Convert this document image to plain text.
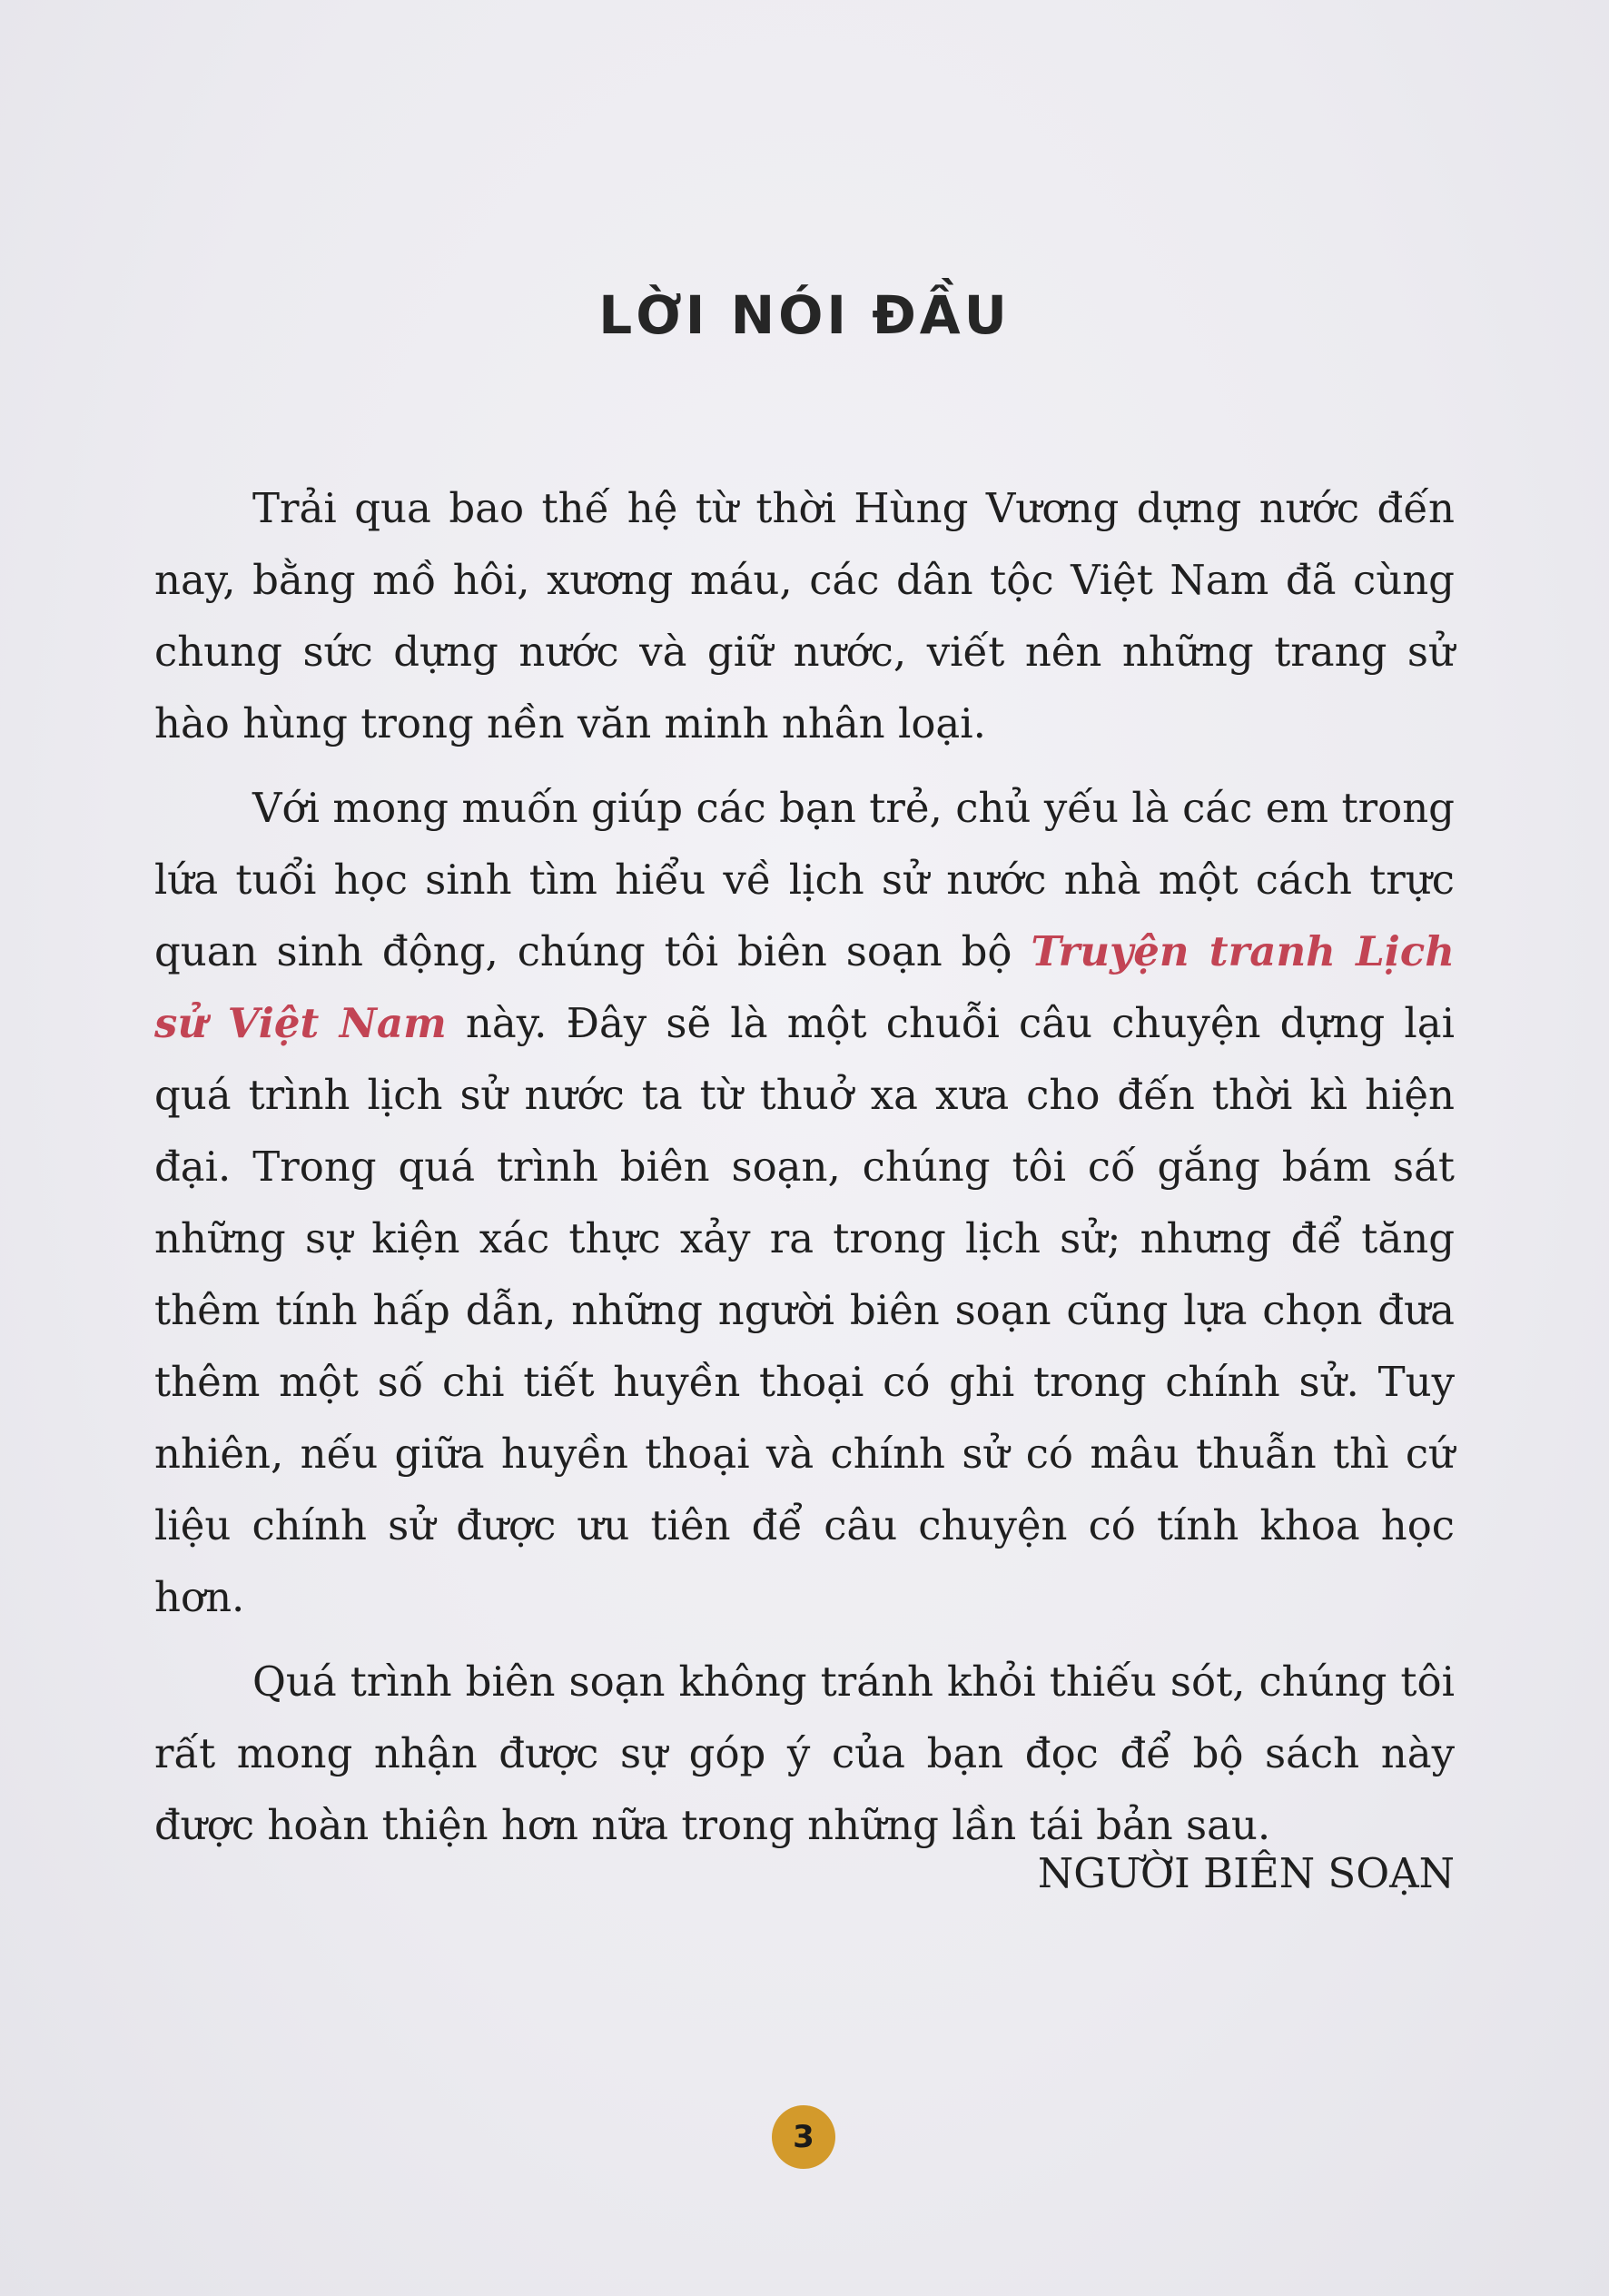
LỜI NÓI ĐẦU

Trải qua bao thế hệ từ thời Hùng Vương dựng nước đến nay, bằng mồ hôi, xương máu, các dân tộc Việt Nam đã cùng chung sức dựng nước và giữ nước, viết nên những trang sử hào hùng trong nền văn minh nhân loại.

Với mong muốn giúp các bạn trẻ, chủ yếu là các em trong lứa tuổi học sinh tìm hiểu về lịch sử nước nhà một cách trực quan sinh động, chúng tôi biên soạn bộ Truyện tranh Lịch sử Việt Nam này. Đây sẽ là một chuỗi câu chuyện dựng lại quá trình lịch sử nước ta từ thuở xa xưa cho đến thời kì hiện đại. Trong quá trình biên soạn, chúng tôi cố gắng bám sát những sự kiện xác thực xảy ra trong lịch sử; nhưng để tăng thêm tính hấp dẫn, những người biên soạn cũng lựa chọn đưa thêm một số chi tiết huyền thoại có ghi trong chính sử. Tuy nhiên, nếu giữa huyền thoại và chính sử có mâu thuẫn thì cứ liệu chính sử được ưu tiên để câu chuyện có tính khoa học hơn.

Quá trình biên soạn không tránh khỏi thiếu sót, chúng tôi rất mong nhận được sự góp ý của bạn đọc để bộ sách này được hoàn thiện hơn nữa trong những lần tái bản sau.

NGƯỜI BIÊN SOẠN
3
